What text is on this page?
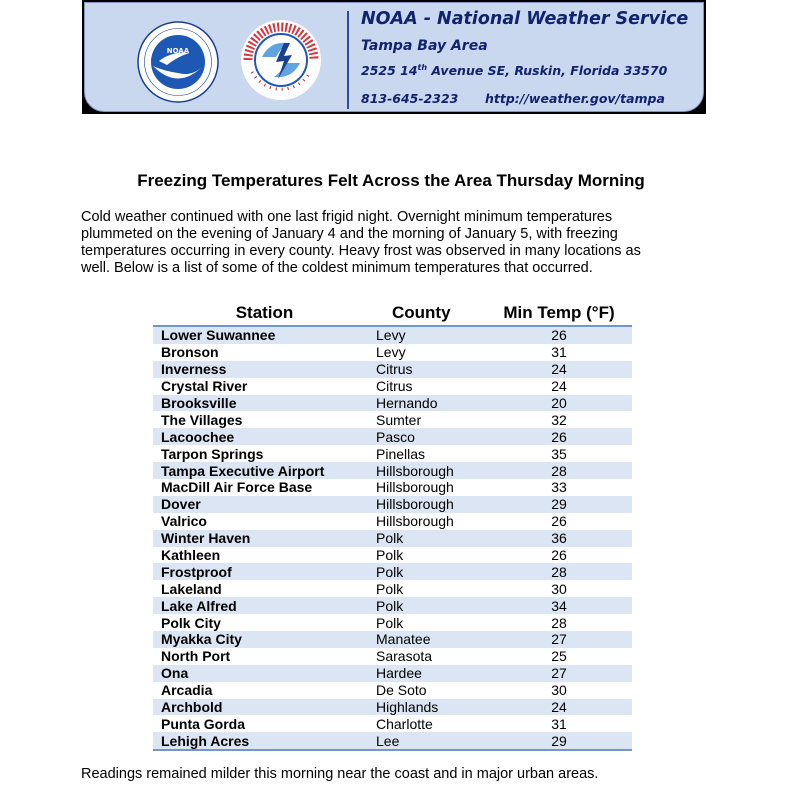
NOAA
NOAA - National Weather Service
Tampa Bay Area
2525 14th Avenue SE, Ruskin, Florida 33570
813-645-2323 http://weather.gov/tampa
Freezing Temperatures Felt Across the Area Thursday Morning
Cold weather continued with one last frigid night. Overnight minimum temperatures
plummeted on the evening of January 4 and the morning of January 5, with freezing
temperatures occurring in every county. Heavy frost was observed in many locations as
well. Below is a list of some of the coldest minimum temperatures that occurred.
Station	County	Min Temp (°F)
Lower Suwannee	Levy	26
Bronson	Levy	31
Inverness	Citrus	24
Crystal River	Citrus	24
Brooksville	Hernando	20
The Villages	Sumter	32
Lacoochee	Pasco	26
Tarpon Springs	Pinellas	35
Tampa Executive Airport	Hillsborough	28
MacDill Air Force Base	Hillsborough	33
Dover	Hillsborough	29
Valrico	Hillsborough	26
Winter Haven	Polk	36
Kathleen	Polk	26
Frostproof	Polk	28
Lakeland	Polk	30
Lake Alfred	Polk	34
Polk City	Polk	28
Myakka City	Manatee	27
North Port	Sarasota	25
Ona	Hardee	27
Arcadia	De Soto	30
Archbold	Highlands	24
Punta Gorda	Charlotte	31
Lehigh Acres	Lee	29
Readings remained milder this morning near the coast and in major urban areas.
